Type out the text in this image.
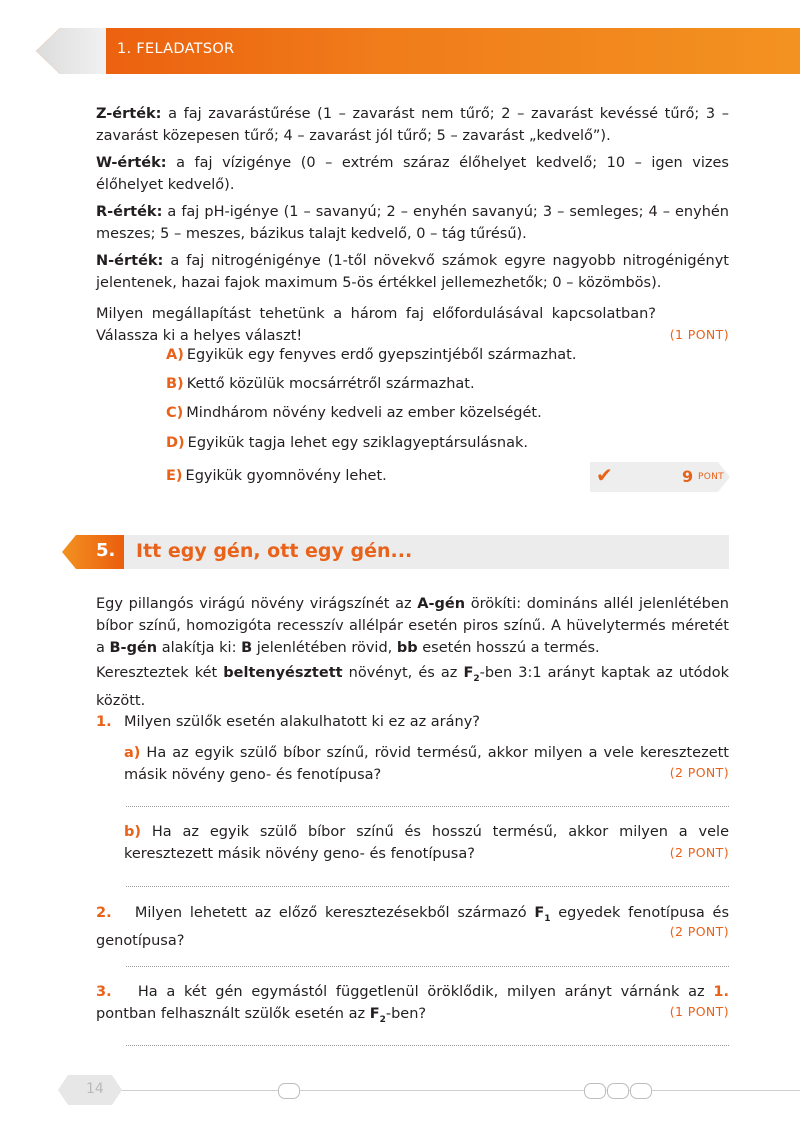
1. FELADATSOR
Z-érték: a faj zavarástűrése (1 – zavarást nem tűrő; 2 – zavarást kevéssé tűrő; 3 – zavarást közepesen tűrő; 4 – zavarást jól tűrő; 5 – zavarást „kedvelő”).
W-érték: a faj vízigénye (0 – extrém száraz élőhelyet kedvelő; 10 – igen vizes élőhelyet kedvelő).
R-érték: a faj pH-igénye (1 – savanyú; 2 – enyhén savanyú; 3 – semleges; 4 – enyhén meszes; 5 – meszes, bázikus talajt kedvelő, 0 – tág tűrésű).
N-érték: a faj nitrogénigénye (1-től növekvő számok egyre nagyobb nitrogénigényt jelentenek, hazai fajok maximum 5-ös értékkel jellemezhetők; 0 – közömbös).
Milyen megállapítást tehetünk a három faj előfordulásával kapcsolatban? Válassza ki a helyes választ!	(1 PONT)
A) Egyikük egy fenyves erdő gyepszintjéből származhat.
B) Kettő közülük mocsárrétről származhat.
C) Mindhárom növény kedveli az ember közelségét.
D) Egyikük tagja lehet egy sziklagyeptársulásnak.
E) Egyikük gyomnövény lehet.	✔	9 PONT
5. Itt egy gén, ott egy gén...
Egy pillangós virágú növény virágszínét az A-gén örökíti: domináns allél jelenlétében bíbor színű, homozigóta recesszív allélpár esetén piros színű. A hüvelytermés méretét a B-gén alakítja ki: B jelenlétében rövid, bb esetén hosszú a termés.
Kereszteztek két beltenyésztett növényt, és az $F_2$-ben 3:1 arányt kaptak az utódok között.
1. Milyen szülők esetén alakulhatott ki ez az arány?
a) Ha az egyik szülő bíbor színű, rövid termésű, akkor milyen a vele keresztezett másik növény geno- és fenotípusa?	(2 PONT)
b) Ha az egyik szülő bíbor színű és hosszú termésű, akkor milyen a vele keresztezett másik növény geno- és fenotípusa?	(2 PONT)
2. Milyen lehetett az előző keresztezésekből származó $F_1$ egyedek fenotípusa és genotípusa?
(2 PONT)
3. Ha a két gén egymástól függetlenül öröklődik, milyen arányt várnánk az 1. pontban felhasznált szülők esetén az $F_2$-ben?	(1 PONT)
14
